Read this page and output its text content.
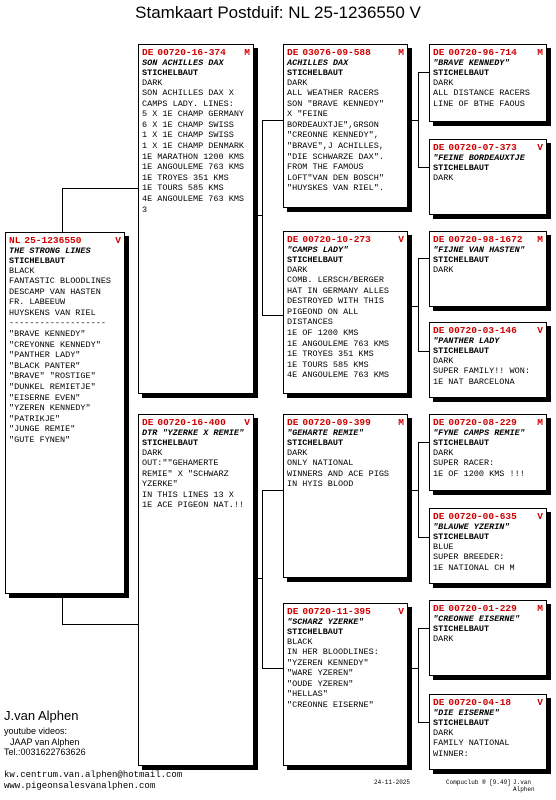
Stamkaart Postduif: NL 25-1236550 V
NL 25-1236550	V
THE STRONG LINES
STICHELBAUT
BLACK
FANTASTIC BLOODLINES
DESCAMP VAN HASTEN
FR. LABEEUW
HUYSKENS VAN RIEL
-------------------
"BRAVE KENNEDY"
"CREYONNE KENNEDY"
"PANTHER LADY"
"BLACK PANTER"
"BRAVE" "ROSTIGE"
"DUNKEL REMIETJE"
"EISERNE EVEN"
"YZEREN KENNEDY"
"PATRIKJE"
"JUNGE REMIE"
"GUTE FYNEN"
DE 00720-16-374 M
SON ACHILLES DAX
STICHELBAUT
DARK
SON ACHILLES DAX X
CAMPS LADY. LINES:
5 X 1E CHAMP GERMANY
6 X 1E CHAMP SWISS
1 X 1E CHAMP SWISS
1 X 1E CHAMP DENMARK
1E MARATHON 1200 KMS
1E ANGOULEME 763 KMS
1E TROYES 351 KMS
1E TOURS 585 KMS
4E ANGOULEME 763 KMS
3
DE 00720-16-400 V
DTR "YZERKE X REMIE"
STICHELBAUT
DARK
OUT:""GEHAMERTE
REMIE" X "SCHWARZ
YZERKE"
IN THIS LINES 13 X
1E ACE PIGEON NAT.!!
DE 03076-09-588	M
ACHILLES DAX
STICHELBAUT
DARK
ALL WEATHER RACERS
SON "BRAVE KENNEDY"
X "FEINE
BORDEAUXTJE",GRSON
"CREONNE KENNEDY",
"BRAVE",J ACHILLES,
"DIE SCHWARZE DAX".
FROM THE FAMOUS
LOFT"VAN DEN BOSCH"
"HUYSKES VAN RIEL".
DE 00720-10-273	V
"CAMPS LADY"
STICHELBAUT
DARK
COMB. LERSCH/BERGER
HAT IN GERMANY ALLES
DESTROYED WITH THIS
PIGEOND ON ALL
DISTANCES
1E OF 1200 KMS
1E ANGOULEME 763 KMS
1E TROYES 351 KMS
1E TOURS 585 KMS
4E ANGOULEME 763 KMS
DE 00720-09-399	M
"GEHARTE REMIE"
STICHELBAUT
DARK
ONLY NATIONAL
WINNERS AND ACE PIGS
IN HYIS BLOOD
DE 00720-11-395	V
"SCHARZ YZERKE"
STICHELBAUT
BLACK
IN HER BLOODLINES:
"YZEREN KENNEDY"
"WARE YZEREN"
"OUDE YZEREN"
"HELLAS"
"CREONNE EISERNE"
DE 00720-96-714 M
"BRAVE KENNEDY"
STICHELBAUT
DARK
ALL DISTANCE RACERS
LINE OF BTHE FAOUS
DE 00720-07-373 V
"FEINE BORDEAUXTJE
STICHELBAUT
DARK
DE 00720-98-1672 M
"FIJNE VAN HASTEN"
STICHELBAUT
DARK
DE 00720-03-146 V
"PANTHER LADY
STICHELBAUT
DARK
SUPER FAMILY!! WON:
1E NAT BARCELONA
DE 00720-08-229 M
"FYNE CAMPS REMIE"
STICHELBAUT
DARK
SUPER RACER:
1E OF 1200 KMS !!!
DE 00720-00-635 V
"BLAUWE YZERIN"
STICHELBAUT
BLUE
SUPER BREEDER:
1E NATIONAL CH M
DE 00720-01-229 M
"CREONNE EISERNE"
STICHELBAUT
DARK
DE 00720-04-18	V
"DIE EISERNE"
STICHELBAUT
DARK
FAMILY NATIONAL
WINNER:
J.van Alphen
youtube videos:
JAAP van Alphen
Tel.:0031622763626
kw.centrum.van.alphen@hotmail.com
www.pigeonsalesvanalphen.com	24-11-2025	Compuclub ® [9.49] J.van Alphen
